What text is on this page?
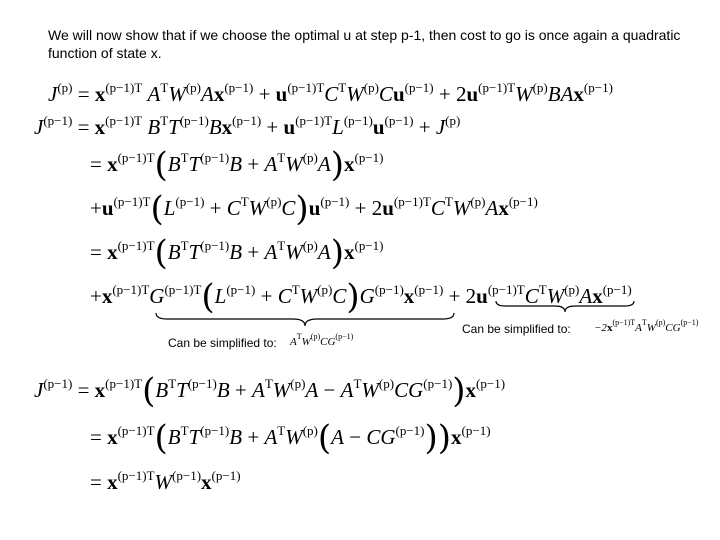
We will now show that if we choose the optimal u at step p-1, then cost to go is once again a quadratic function of state x.
$J^{(p)} = x^{(p-1)T}$ $A^TW^{(p)}Ax^{(p-1)} + u^{(p-1)T}C^TW^{(p)}Cu^{(p-1)} + 2u^{(p-1)T}W^{(p)}BAx^{(p-1)}$
$J^{(p-1)} = x^{(p-1)T}$ $B^TT^{(p-1)}Bx^{(p-1)} + u^{(p-1)T}L^{(p-1)}u^{(p-1)} + J^{(p)}$
= $x^{(p-1)T}(B^TT^{(p-1)}B + A^TW^{(p)}A)x^{(p-1)}$
$+u^{(p-1)T}(L^{(p-1)} + C^TW^{(p)}C)u^{(p-1)} + 2u^{(p-1)T}C^TW^{(p)}Ax^{(p-1)}$
= $x^{(p-1)T}(B^TT^{(p-1)}B + A^TW^{(p)}A)x^{(p-1)}$
$+x^{(p-1)T}G^{(p-1)T}(L^{(p-1)} + C^TW^{(p)}C)G^{(p-1)}x^{(p-1)} + 2u^{(p-1)T}C^TW^{(p)}Ax^{(p-1)}$
Can be simplified to: $A^TW^{(p)}CG^{(p-1)}$
Can be simplified to: $-2x^{(p-1)T}A^TW^{(p)}CG^{(p-1)}$
$J^{(p-1)} = x^{(p-1)T}(B^TT^{(p-1)}B + A^TW^{(p)}A - A^TW^{(p)}CG^{(p-1)})x^{(p-1)}$
= $x^{(p-1)T}(B^TT^{(p-1)}B + A^TW^{(p)}(A - CG^{(p-1)}))x^{(p-1)}$
= $x^{(p-1)T}W^{(p-1)}x^{(p-1)}$
